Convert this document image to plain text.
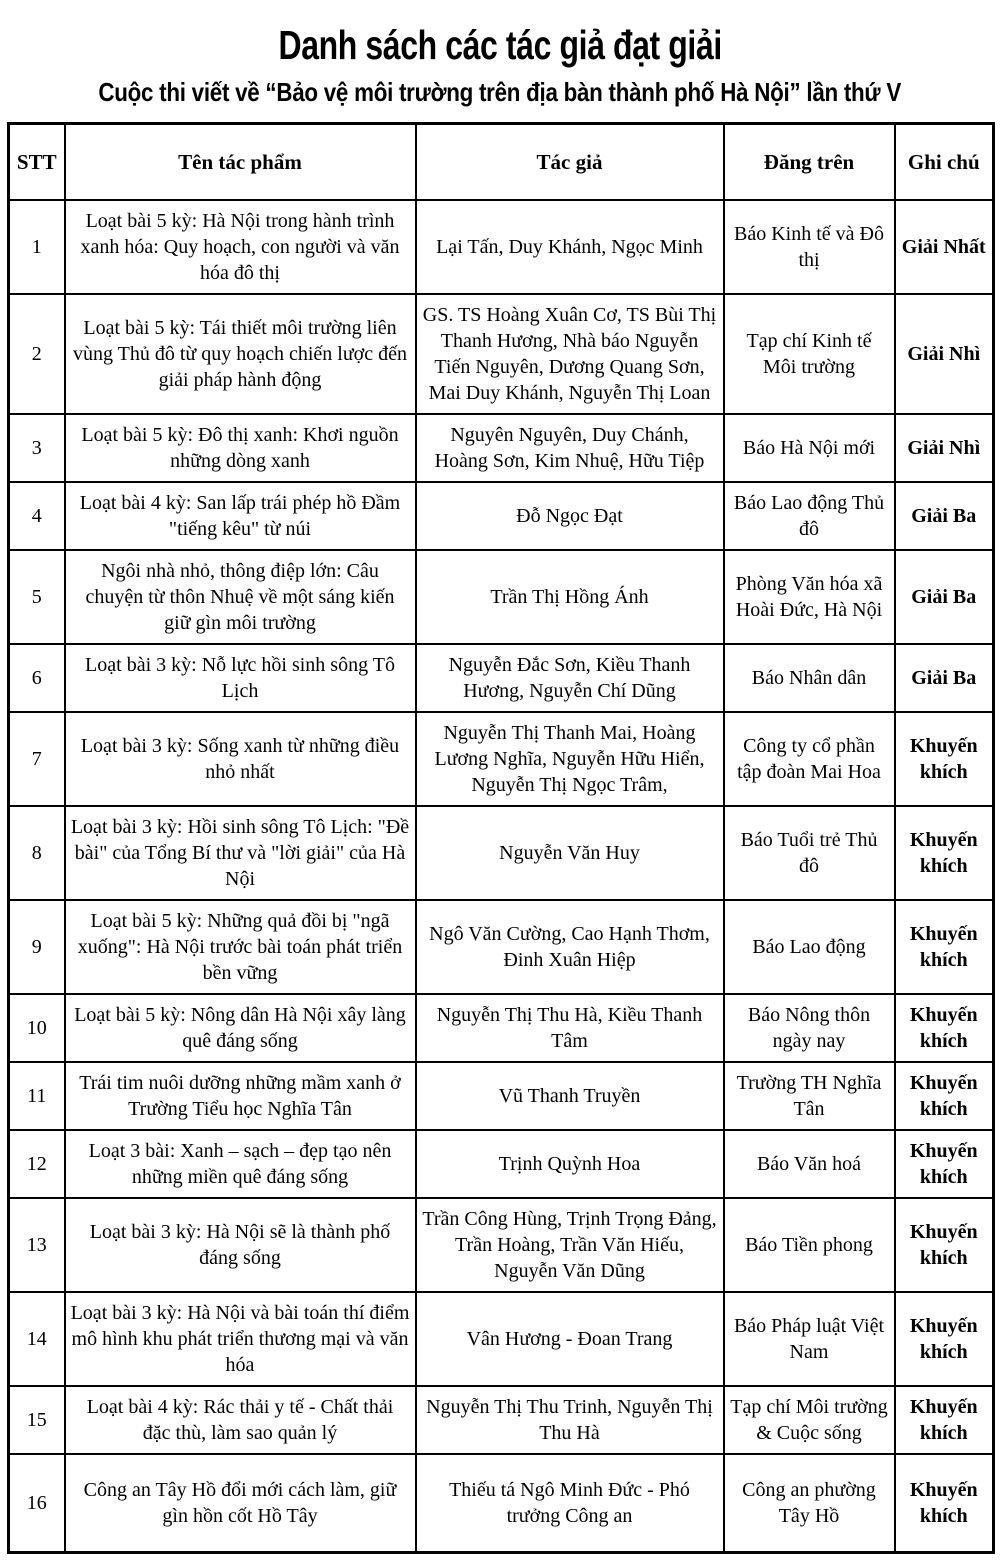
Danh sách các tác giả đạt giải
Cuộc thi viết về “Bảo vệ môi trường trên địa bàn thành phố Hà Nội” lần thứ V
STT	Tên tác phẩm	Tác giả	Đăng trên	Ghi chú
1	Loạt bài 5 kỳ: Hà Nội trong hành trình xanh hóa: Quy hoạch, con người và văn hóa đô thị	Lại Tấn, Duy Khánh, Ngọc Minh	Báo Kinh tế và Đô thị	Giải Nhất
2	Loạt bài 5 kỳ: Tái thiết môi trường liên vùng Thủ đô từ quy hoạch chiến lược đến giải pháp hành động	GS. TS Hoàng Xuân Cơ, TS Bùi Thị Thanh Hương, Nhà báo Nguyễn Tiến Nguyên, Dương Quang Sơn, Mai Duy Khánh, Nguyễn Thị Loan	Tạp chí Kinh tế Môi trường	Giải Nhì
3	Loạt bài 5 kỳ: Đô thị xanh: Khơi nguồn những dòng xanh	Nguyên Nguyên, Duy Chánh, Hoàng Sơn, Kim Nhuệ, Hữu Tiệp	Báo Hà Nội mới	Giải Nhì
4	Loạt bài 4 kỳ: San lấp trái phép hồ Đầm "tiếng kêu" từ núi	Đỗ Ngọc Đạt	Báo Lao động Thủ đô	Giải Ba
5	Ngôi nhà nhỏ, thông điệp lớn: Câu chuyện từ thôn Nhuệ về một sáng kiến giữ gìn môi trường	Trần Thị Hồng Ánh	Phòng Văn hóa xã Hoài Đức, Hà Nội	Giải Ba
6	Loạt bài 3 kỳ: Nỗ lực hồi sinh sông Tô Lịch	Nguyễn Đắc Sơn, Kiều Thanh Hương, Nguyễn Chí Dũng	Báo Nhân dân	Giải Ba
7	Loạt bài 3 kỳ: Sống xanh từ những điều nhỏ nhất	Nguyễn Thị Thanh Mai, Hoàng Lương Nghĩa, Nguyễn Hữu Hiển, Nguyễn Thị Ngọc Trâm,	Công ty cổ phần tập đoàn Mai Hoa	Khuyến khích
8	Loạt bài 3 kỳ: Hồi sinh sông Tô Lịch: "Đề bài" của Tổng Bí thư và "lời giải" của Hà Nội	Nguyễn Văn Huy	Báo Tuổi trẻ Thủ đô	Khuyến khích
9	Loạt bài 5 kỳ: Những quả đồi bị "ngã xuống": Hà Nội trước bài toán phát triển bền vững	Ngô Văn Cường, Cao Hạnh Thơm, Đinh Xuân Hiệp	Báo Lao động	Khuyến khích
10	Loạt bài 5 kỳ: Nông dân Hà Nội xây làng quê đáng sống	Nguyễn Thị Thu Hà, Kiều Thanh Tâm	Báo Nông thôn ngày nay	Khuyến khích
11	Trái tim nuôi dưỡng những mầm xanh ở Trường Tiểu học Nghĩa Tân	Vũ Thanh Truyền	Trường TH Nghĩa Tân	Khuyến khích
12	Loạt 3 bài: Xanh – sạch – đẹp tạo nên những miền quê đáng sống	Trịnh Quỳnh Hoa	Báo Văn hoá	Khuyến khích
13	Loạt bài 3 kỳ: Hà Nội sẽ là thành phố đáng sống	Trần Công Hùng, Trịnh Trọng Đảng, Trần Hoàng, Trần Văn Hiếu, Nguyễn Văn Dũng	Báo Tiền phong	Khuyến khích
14	Loạt bài 3 kỳ: Hà Nội và bài toán thí điểm mô hình khu phát triển thương mại và văn hóa	Vân Hương - Đoan Trang	Báo Pháp luật Việt Nam	Khuyến khích
15	Loạt bài 4 kỳ: Rác thải y tế - Chất thải đặc thù, làm sao quản lý	Nguyễn Thị Thu Trinh, Nguyễn Thị Thu Hà	Tạp chí Môi trường & Cuộc sống	Khuyến khích
16	Công an Tây Hồ đổi mới cách làm, giữ gìn hồn cốt Hồ Tây	Thiếu tá Ngô Minh Đức - Phó trưởng Công an	Công an phường Tây Hồ	Khuyến khích
